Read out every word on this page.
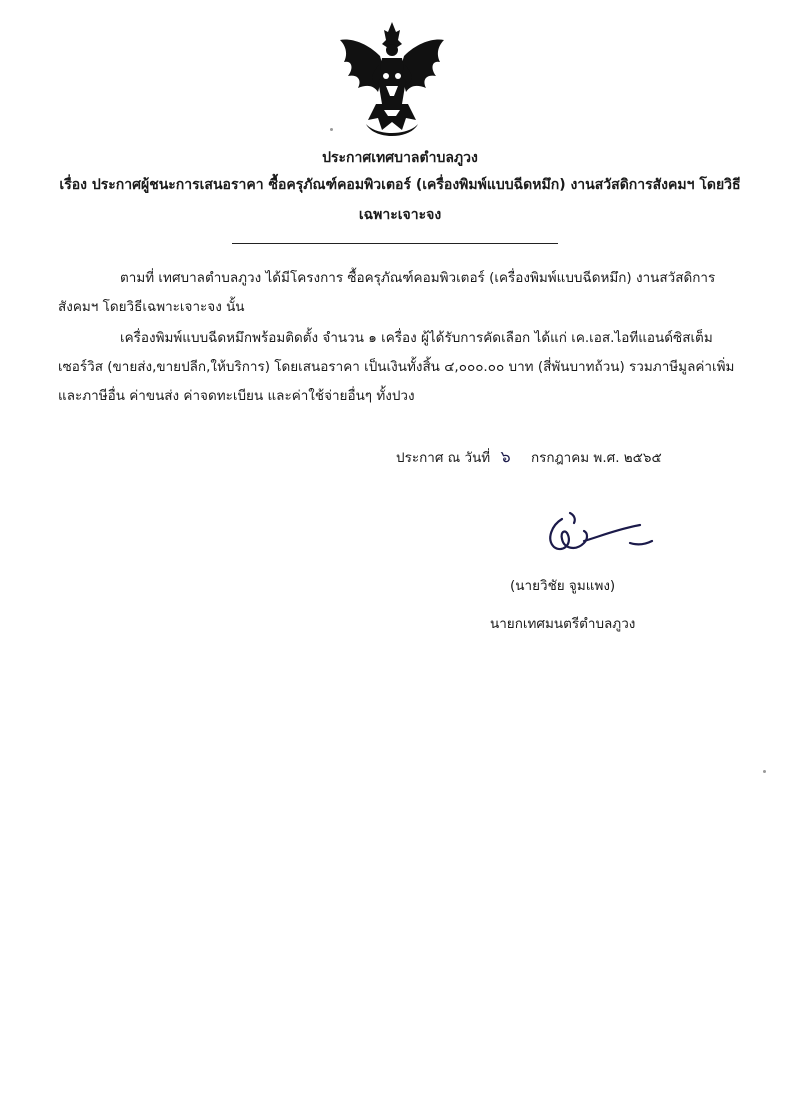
ประกาศเทศบาลตำบลภูวง
เรื่อง ประกาศผู้ชนะการเสนอราคา ซื้อครุภัณฑ์คอมพิวเตอร์ (เครื่องพิมพ์แบบฉีดหมึก) งานสวัสดิการสังคมฯ โดยวิธีเฉพาะเจาะจง
ตามที่ เทศบาลตำบลภูวง ได้มีโครงการ ซื้อครุภัณฑ์คอมพิวเตอร์ (เครื่องพิมพ์แบบฉีดหมึก) งานสวัสดิการสังคมฯ โดยวิธีเฉพาะเจาะจง นั้น
เครื่องพิมพ์แบบฉีดหมึกพร้อมติดตั้ง จำนวน ๑ เครื่อง ผู้ได้รับการคัดเลือก ได้แก่ เค.เอส.ไอทีแอนด์ซิสเต็มเซอร์วิส (ขายส่ง,ขายปลีก,ให้บริการ) โดยเสนอราคา เป็นเงินทั้งสิ้น ๔,๐๐๐.๐๐ บาท (สี่พันบาทถ้วน) รวมภาษีมูลค่าเพิ่มและภาษีอื่น ค่าขนส่ง ค่าจดทะเบียน และค่าใช้จ่ายอื่นๆ ทั้งปวง
ประกาศ ณ วันที่ ๖ กรกฎาคม พ.ศ. ๒๕๖๕
(นายวิชัย จูมแพง)
นายกเทศมนตรีตำบลภูวง
